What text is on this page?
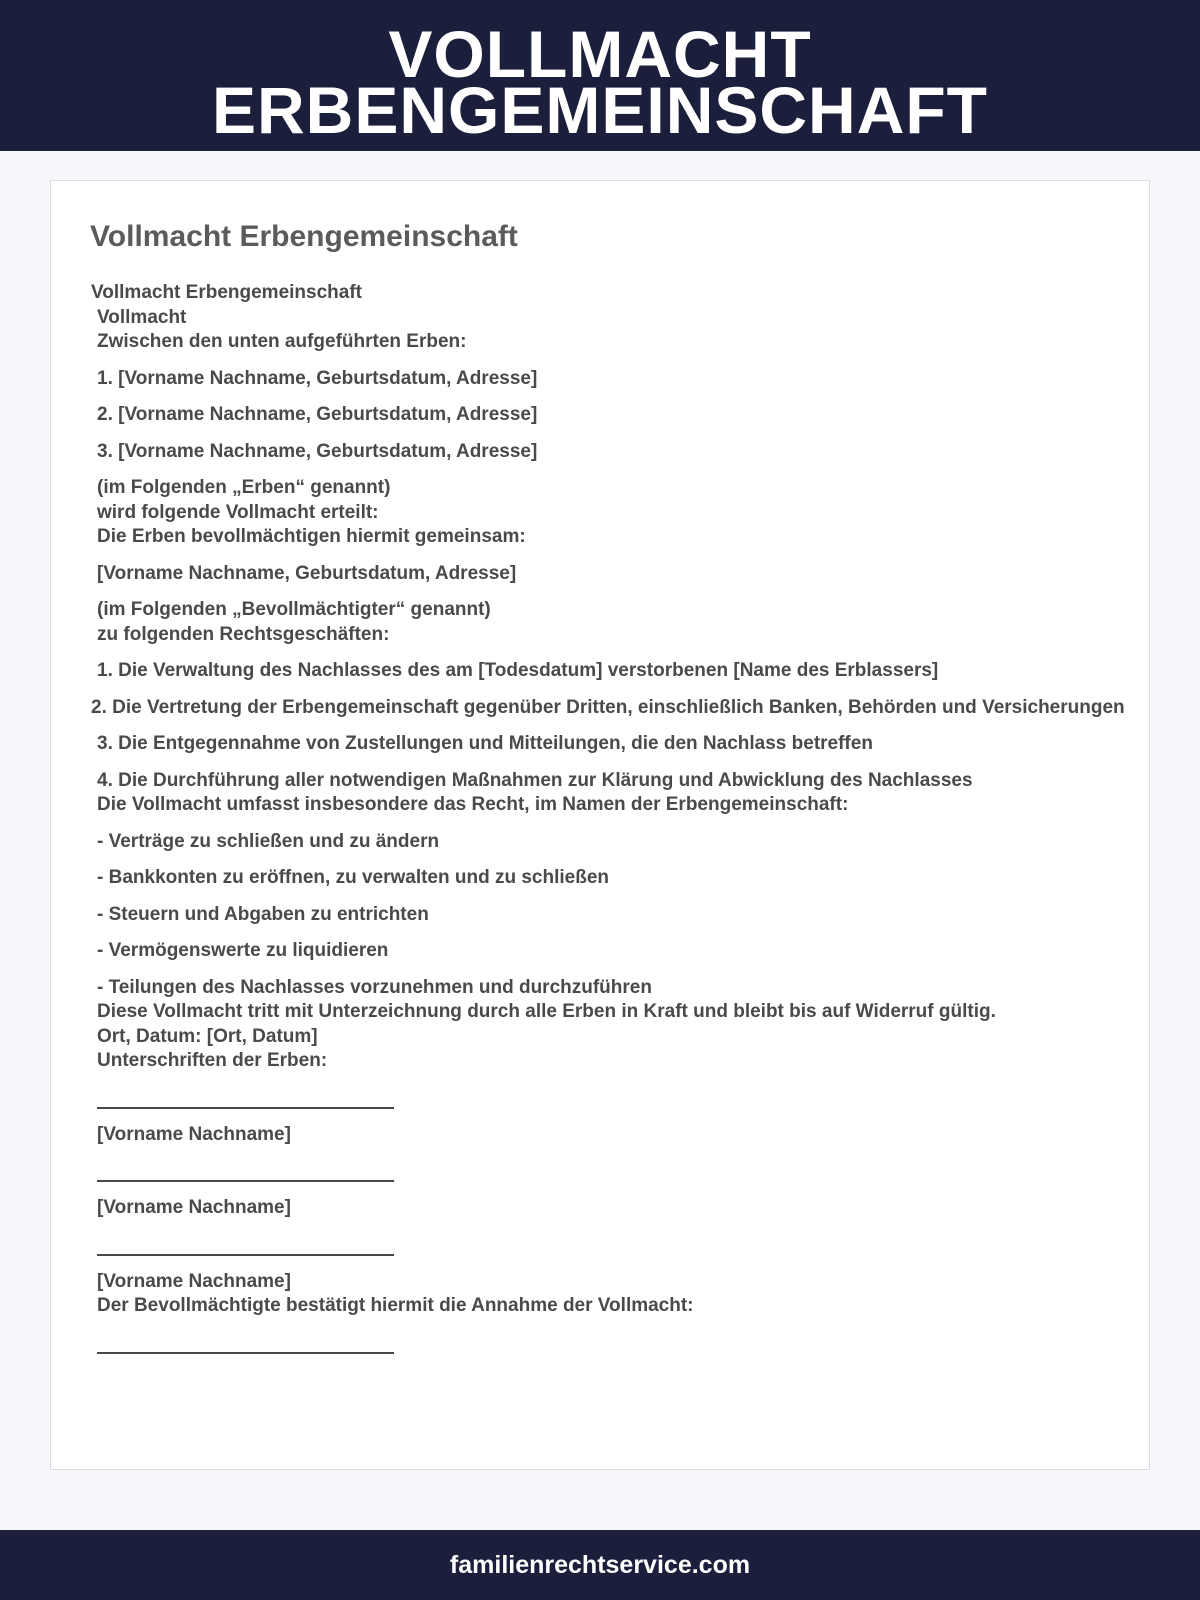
VOLLMACHT
ERBENGEMEINSCHAFT
Vollmacht Erbengemeinschaft

Vollmacht Erbengemeinschaft

Vollmacht

Zwischen den unten aufgeführten Erben:

1. [Vorname Nachname, Geburtsdatum, Adresse]

2. [Vorname Nachname, Geburtsdatum, Adresse]

3. [Vorname Nachname, Geburtsdatum, Adresse]

(im Folgenden „Erben“ genannt)

wird folgende Vollmacht erteilt:

Die Erben bevollmächtigen hiermit gemeinsam:

[Vorname Nachname, Geburtsdatum, Adresse]

(im Folgenden „Bevollmächtigter“ genannt)

zu folgenden Rechtsgeschäften:

1. Die Verwaltung des Nachlasses des am [Todesdatum] verstorbenen [Name des Erblassers]

2. Die Vertretung der Erbengemeinschaft gegenüber Dritten, einschließlich Banken, Behörden und Versicherungen

3. Die Entgegennahme von Zustellungen und Mitteilungen, die den Nachlass betreffen

4. Die Durchführung aller notwendigen Maßnahmen zur Klärung und Abwicklung des Nachlasses

Die Vollmacht umfasst insbesondere das Recht, im Namen der Erbengemeinschaft:

- Verträge zu schließen und zu ändern

- Bankkonten zu eröffnen, zu verwalten und zu schließen

- Steuern und Abgaben zu entrichten

- Vermögenswerte zu liquidieren

- Teilungen des Nachlasses vorzunehmen und durchzuführen

Diese Vollmacht tritt mit Unterzeichnung durch alle Erben in Kraft und bleibt bis auf Widerruf gültig.

Ort, Datum: [Ort, Datum]

Unterschriften der Erben:

[Vorname Nachname]

[Vorname Nachname]

[Vorname Nachname]

Der Bevollmächtigte bestätigt hiermit die Annahme der Vollmacht:

familienrechtservice.com
